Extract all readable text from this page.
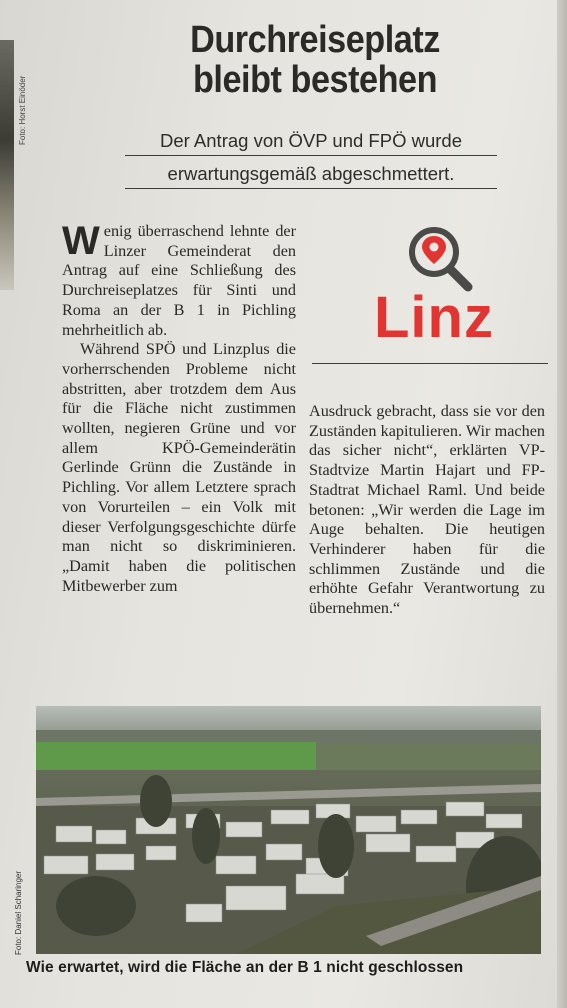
Foto: Horst Einöder
Durchreiseplatz
bleibt bestehen
Der Antrag von ÖVP und FPÖ wurde
erwartungsgemäß abgeschmettert.

Wenig überraschend lehnte der Linzer Gemeinderat den Antrag auf eine Schließung des Durchreiseplatzes für Sinti und Roma an der B 1 in Pichling mehrheitlich ab.

Während SPÖ und Linzplus die vorherrschenden Probleme nicht abstritten, aber trotzdem dem Aus für die Fläche nicht zustimmen wollten, negieren Grüne und vor allem KPÖ-Gemeinderätin Gerlinde Grünn die Zustände in Pichling. Vor allem Letztere sprach von Vorurteilen – ein Volk mit dieser Verfolgungsgeschichte dürfe man nicht so diskriminieren. „Damit haben die politischen Mitbewerber zum

Linz

Ausdruck gebracht, dass sie vor den Zuständen kapitulieren. Wir machen das sicher nicht“, erklärten VP-Stadtvize Martin Hajart und FP-Stadtrat Michael Raml. Und beide betonen: „Wir werden die Lage im Auge behalten. Die heutigen Verhinderer haben für die schlimmen Zustände und die erhöhte Gefahr Verantwortung zu übernehmen.“

Foto: Daniel Scharinger
Wie erwartet, wird die Fläche an der B 1 nicht geschlossen
